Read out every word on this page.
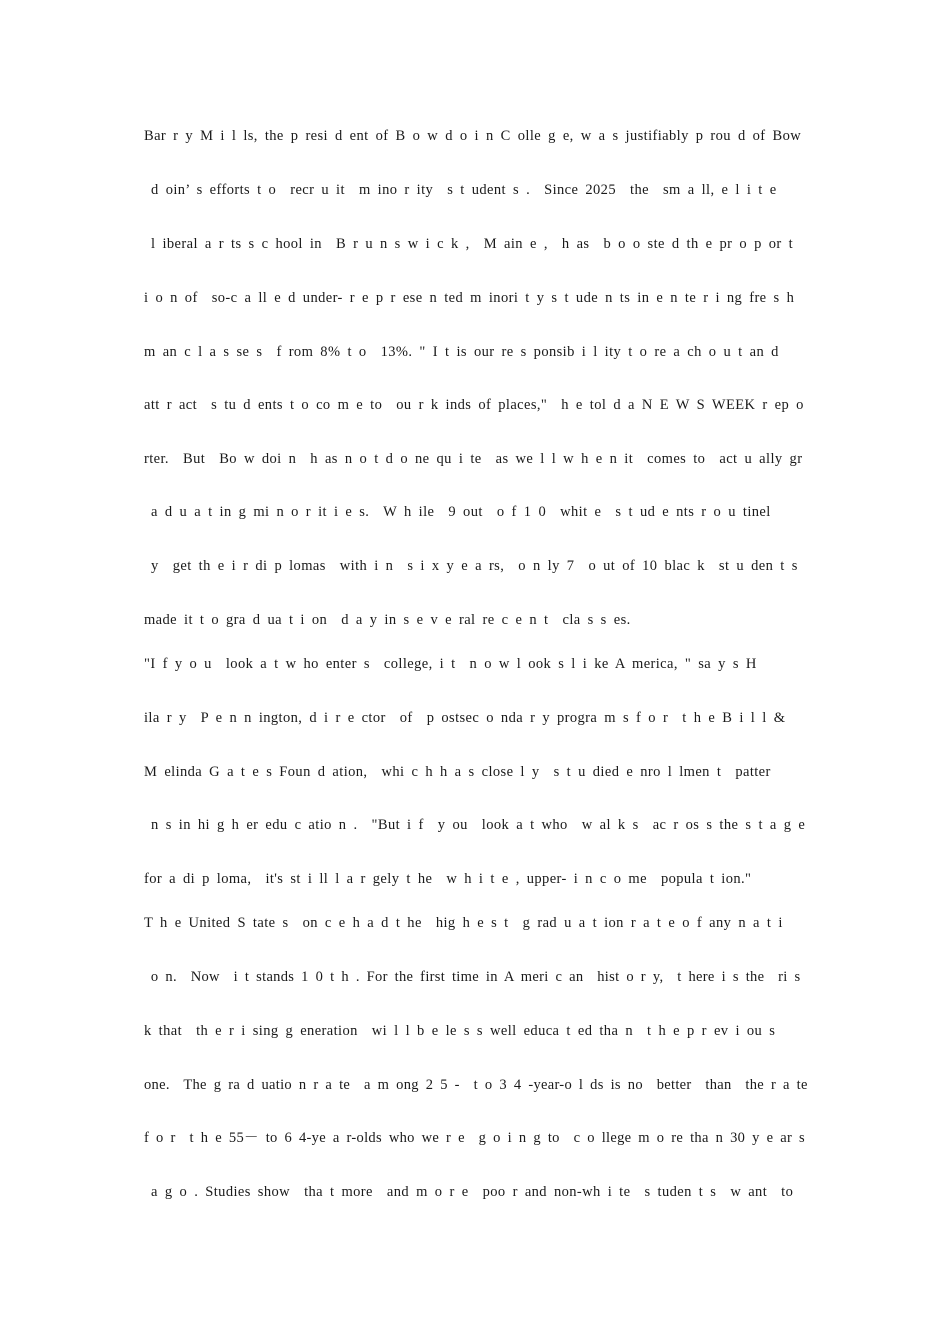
Bar r y M i l ls, the p resi d ent of B o w d o i n C olle g e, w a s justifiably p rou d of Bow
d oin’ s efforts t o  recr u it  m ino r ity  s t udent s .  Since 2025  the  sm a ll, e l i t e
l iberal a r ts s c hool in  B r u n s w i c k ,  M ain e ,  h as  b o o ste d th e pr o p or t
i o n of  so-c a ll e d under- r e p r ese n ted m inori t y s t ude n ts in e n te r i ng fre s h
m an c l a s se s  f rom 8% t o  13%. " I t is our re s ponsib i l ity t o re a ch o u t an d
att r act  s tu d ents t o co m e to  ou r k inds of places,"  h e tol d a N E W S WEEK r ep o
rter.  But  Bo w doi n  h as n o t d o ne qu i te  as we l l w h e n it  comes to  act u ally gr
a d u a t in g mi n o r it i e s.  W h ile  9 out  o f 1 0  whit e  s t ud e nts r o u tinel
y  get th e i r di p lomas  with i n  s i x y e a rs,  o n ly 7  o ut of 10 blac k  st u den t s
made it t o gra d ua t i on  d a y in s e v e ral re c e n t  cla s s es.
"I f y o u  look a t w ho enter s  college, i t  n o w l ook s l i ke A merica, " sa y s H
ila r y  P e n n ington, d i r e ctor  of  p ostsec o nda r y progra m s f o r  t h e B i l l &
M elinda G a t e s Foun d ation,  whi c h h a s close l y  s t u died e nro l lmen t  patter
n s in hi g h er edu c atio n .  "But i f  y ou  look a t who  w al k s  ac r os s the s t a g e
for a di p loma,  it's st i ll l a r gely t he  w h i t e , upper- i n c o me  popula t ion."
T h e United S tate s  on c e h a d t he  hig h e s t  g rad u a t ion r a t e o f any n a t i
o n.  Now  i t stands 1 0 t h . For the first time in A meri c an  hist o r y,  t here i s the  ri s
k that  th e r i sing g eneration  wi l l b e le s s well educa t ed tha n  t h e p r ev i ou s
one.  The g ra d uatio n r a te  a m ong 2 5 -  t o 3 4 -year-o l ds is no  better  than  the r a te
f o r  t h e 55－ to 6 4-ye a r-olds who we r e  g o i n g to  c o llege m o re tha n 30 y e ar s
a g o . Studies show  tha t more  and m o r e  poo r and non-wh i te  s tuden t s  w ant  to
